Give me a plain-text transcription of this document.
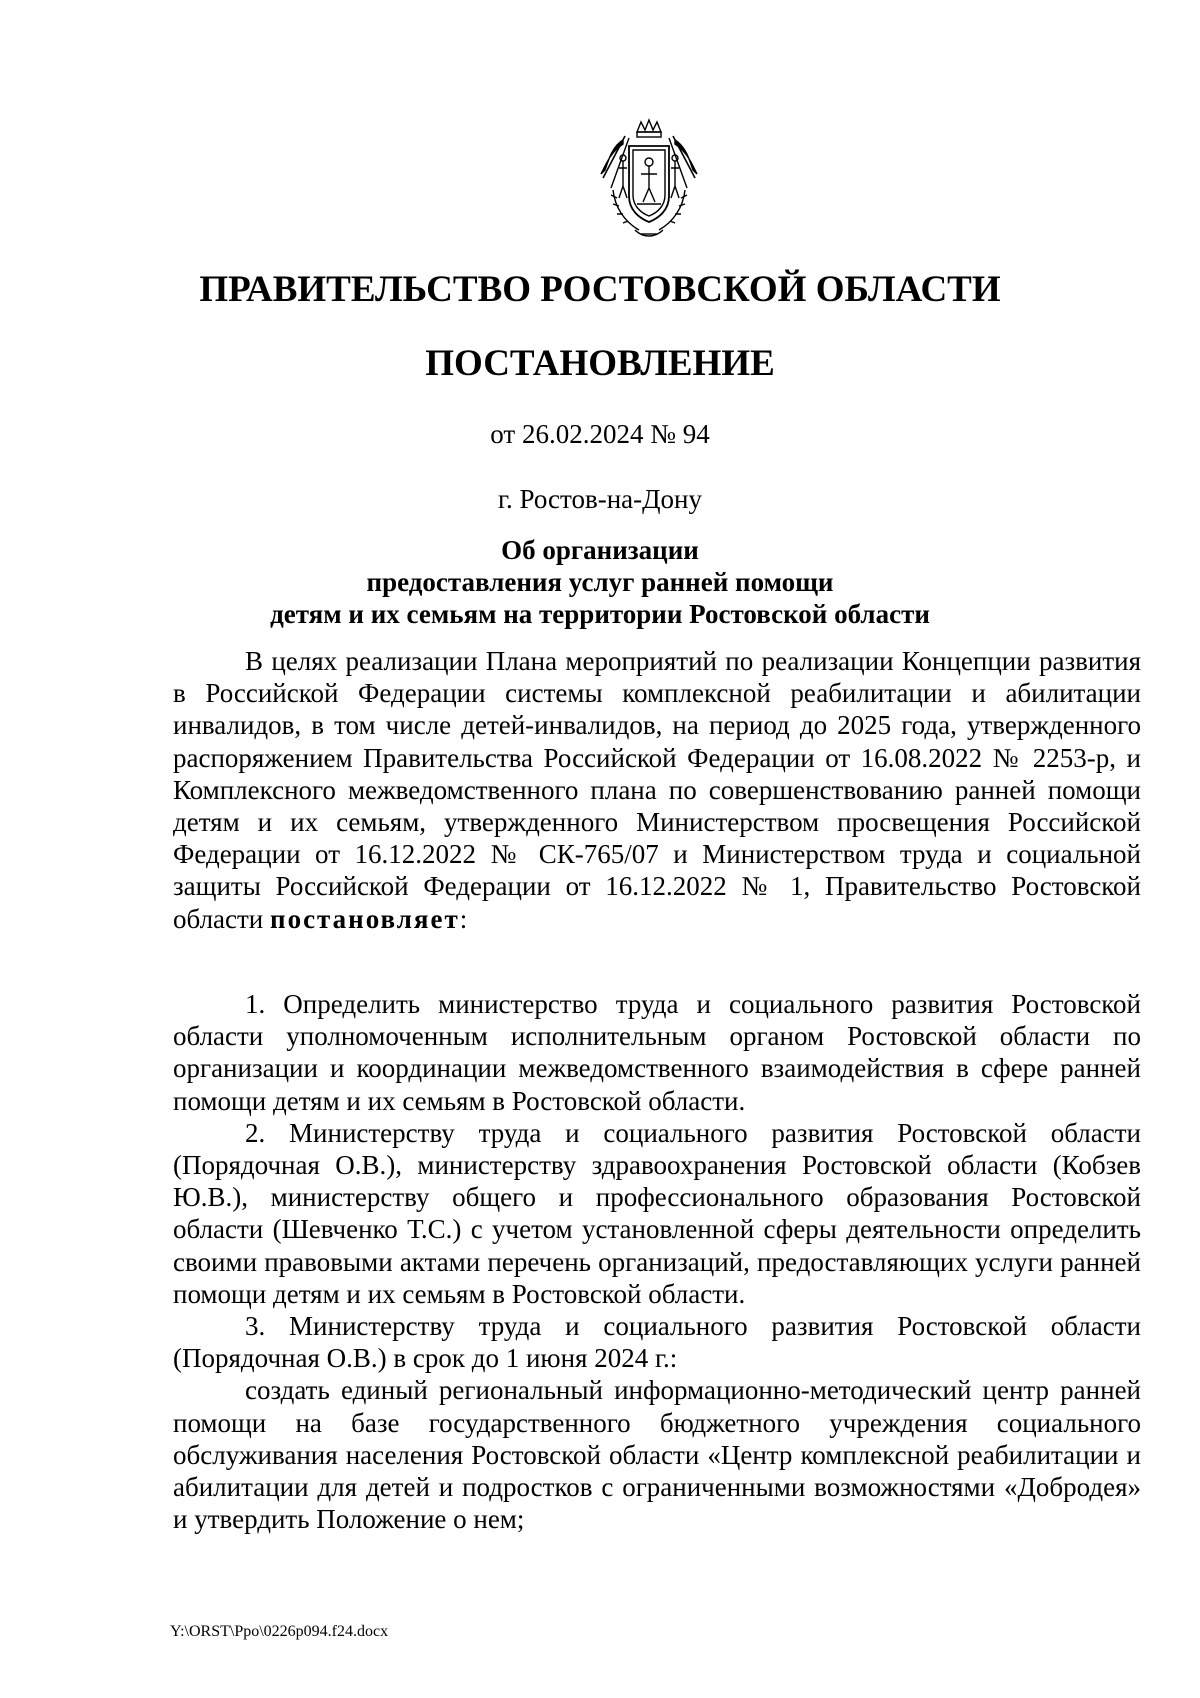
ПРАВИТЕЛЬСТВО РОСТОВСКОЙ ОБЛАСТИ
ПОСТАНОВЛЕНИЕ
от 26.02.2024 № 94
г. Ростов-на-Дону
Об организации
предоставления услуг ранней помощи
детям и их семьям на территории Ростовской области

В целях реализации Плана мероприятий по реализации Концепции развития в Российской Федерации системы комплексной реабилитации и абилитации инвалидов, в том числе детей-инвалидов, на период до 2025 года, утвержденного распоряжением Правительства Российской Федерации от 16.08.2022 № 2253-р, и Комплексного межведомственного плана по совершенствованию ранней помощи детям и их семьям, утвержденного Министерством просвещения Российской Федерации от 16.12.2022 № СК-765/07 и Министерством труда и социальной защиты Российской Федерации от 16.12.2022 № 1, Правительство Ростовской области постановляет:

1. Определить министерство труда и социального развития Ростовской области уполномоченным исполнительным органом Ростовской области по организации и координации межведомственного взаимодействия в сфере ранней помощи детям и их семьям в Ростовской области.

2. Министерству труда и социального развития Ростовской области (Порядочная О.В.), министерству здравоохранения Ростовской области (Кобзев Ю.В.), министерству общего и профессионального образования Ростовской области (Шевченко Т.С.) с учетом установленной сферы деятельности определить своими правовыми актами перечень организаций, предоставляющих услуги ранней помощи детям и их семьям в Ростовской области.

3. Министерству труда и социального развития Ростовской области (Порядочная О.В.) в срок до 1 июня 2024 г.:

создать единый региональный информационно-методический центр ранней помощи на базе государственного бюджетного учреждения социального обслуживания населения Ростовской области «Центр комплексной реабилитации и абилитации для детей и подростков с ограниченными возможностями «Добродея» и утвердить Положение о нем;

Y:\ORST\Ppo\0226p094.f24.docx
